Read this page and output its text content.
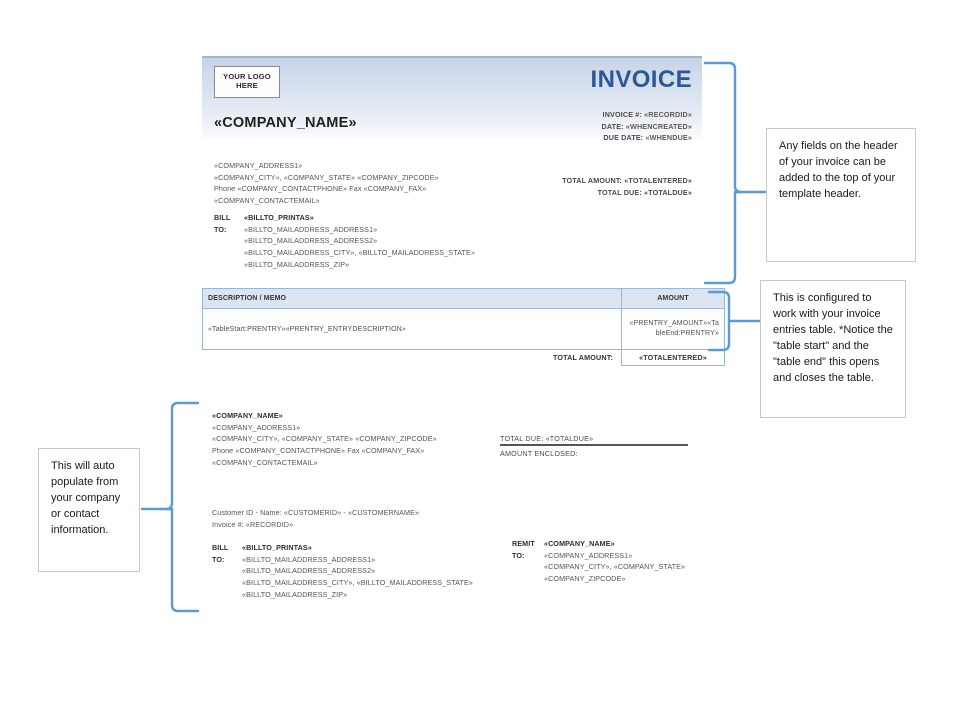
YOUR LOGO
HERE	INVOICE
«COMPANY_NAME»
INVOICE #: «RECORDID»
DATE: «WHENCREATED»
DUE DATE: «WHENDUE»
«COMPANY_ADDRESS1»
«COMPANY_CITY», «COMPANY_STATE» «COMPANY_ZIPCODE»
Phone «COMPANY_CONTACTPHONE» Fax «COMPANY_FAX»
«COMPANY_CONTACTEMAIL»
TOTAL AMOUNT: «TOTALENTERED»
TOTAL DUE: «TOTALDUE»
BILL
TO:
«BILLTO_PRINTAS»
«BILLTO_MAILADDRESS_ADDRESS1»
«BILLTO_MAILADDRESS_ADDRESS2»
«BILLTO_MAILADDRESS_CITY», «BILLTO_MAILADDRESS_STATE»
«BILLTO_MAILADDRESS_ZIP»
DESCRIPTION / MEMO	AMOUNT
«TableStart:PRENTRY»«PRENTRY_ENTRYDESCRIPTION»	«PRENTRY_AMOUNT»«TableEnd:PRENTRY»
TOTAL AMOUNT:	«TOTALENTERED»
«COMPANY_NAME»
«COMPANY_ADDRESS1»
«COMPANY_CITY», «COMPANY_STATE» «COMPANY_ZIPCODE»
Phone «COMPANY_CONTACTPHONE» Fax «COMPANY_FAX»
«COMPANY_CONTACTEMAIL»
Customer ID - Name: «CUSTOMERID» - «CUSTOMERNAME»
Invoice #: «RECORDID»
BILL
TO:
«BILLTO_PRINTAS»
«BILLTO_MAILADDRESS_ADDRESS1»
«BILLTO_MAILADDRESS_ADDRESS2»
«BILLTO_MAILADDRESS_CITY», «BILLTO_MAILADDRESS_STATE»
«BILLTO_MAILADDRESS_ZIP»
TOTAL DUE: «TOTALDUE»
AMOUNT ENCLOSED:
REMIT
TO:
«COMPANY_NAME»
«COMPANY_ADDRESS1»
«COMPANY_CITY», «COMPANY_STATE»
«COMPANY_ZIPCODE»
Any fields on the header of your invoice can be added to the top of your template header.
This is configured to work with your invoice entries table. *Notice the "table start" and the "table end" this opens and closes the table.
This will auto populate from your company or contact information.
